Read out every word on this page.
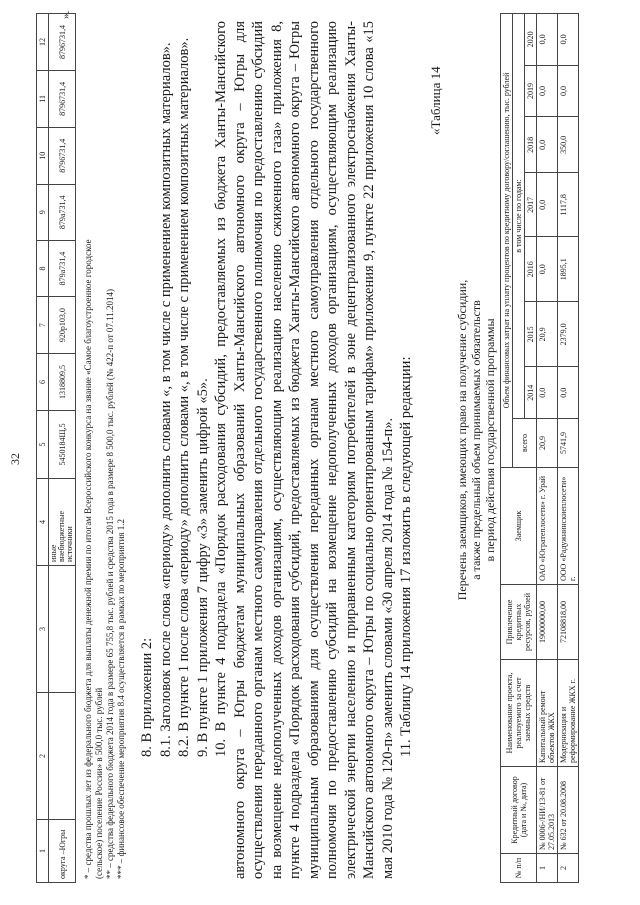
32
1	2	3	4	5	6	7	8	9	10	11	12
округа –Югры			иные внебюджетные источники	5450184Щ,5	1318809,5	920р103,0	879а731,4	879а731,4	8796731,4	8796731,4	8796731,4

* – средства прошлых лет из федерального бюджета для выплаты денежной премии по итогам Всероссийского конкурса на звание «Самое благоустроенное городское (сельское) поселение России» в 500,0 тыс. рублей ** – средства федерального бюджета 2014 года в размере 65 755,8 тыс. рублей и средства 2015 года в размере 8 500,0 тыс. рублей (№ 422-п от 07.11.2014) *** – финансовое обеспечение мероприятия 8.4 осуществляется в рамках по мероприятия 1.2

».

8. В приложении 2: 8.1. Заголовок после слова «периоду» дополнить словами «, в том числе с применением композитных материалов». 8.2. В пункте 1 после слова «периоду» дополнить словами «, в том числе с применением композитных материалов». 9. В пункте 1 приложения 7 цифру «3» заменить цифрой «5». 10. В пункте 4 подраздела «Порядок расходования субсидий, предоставляемых из бюджета Ханты-Мансийского автономного округа – Югры бюджетам муниципальных образований Ханты-Мансийского автономного округа – Югры для осуществления переданного органам местного самоуправления отдельного государственного полномочия по предоставлению субсидий на возмещение недополученных доходов организациям, осуществляющим реализацию населению сжиженного газа» приложения 8, пункте 4 подраздела «Порядок расходования субсидий, предоставляемых из бюджета Ханты-Мансийского автономного округа – Югры муниципальным образованиям для осуществления переданных органам местного самоуправления отдельного государственного полномочия по предоставлению субсидий на возмещение недополученных доходов организациям, осуществляющим реализацию электрической энергии населению и приравненным категориям потребителей в зоне децентрализованного электроснабжения Ханты-Мансийского автономного округа – Югры по социально ориентированным тарифам» приложения 9, пункте 22 приложения 10 слова «15 мая 2010 года № 120-п» заменить словами «30 апреля 2014 года № 154-п». 11. Таблицу 14 приложения 17 изложить в следующей редакции:

«Таблица 14
Перечень заемщиков, имеющих право на получение субсидии, а также предельный объем принимаемых обязательств в период действия государственной программы
№ п/п	Кредитный договор (дата и №, дата)	Наименование проекта, реализуемого за счет заемных средств	Привлечение кредитных ресурсов, рублей	Заемщик	Объем финансовых затрат на уплату процентов по кредитному договору/соглашению, тыс. рублей							
					всего	в том числе по годам:						
						2014	2015	2016	2017	2018	2019	2020
1	№ 0006-/НИ/13-81 от 27.05.2013	Капитальный ремонт объектов ЖКХ	19000000,00	ОАО «Югратеплосети» г. Урай	20,9	0,0	20,9	0,0	0,0	0,0	0,0	0,0
2	№ 632 от 20.08.2008	Модернизация и реформирование ЖКХ г.	72108818,00	ООО «Радужнинскиеплосети» г.	5741,9	0,0	2379,0	1895,1	1117,8	350,0	0,0	0,0
